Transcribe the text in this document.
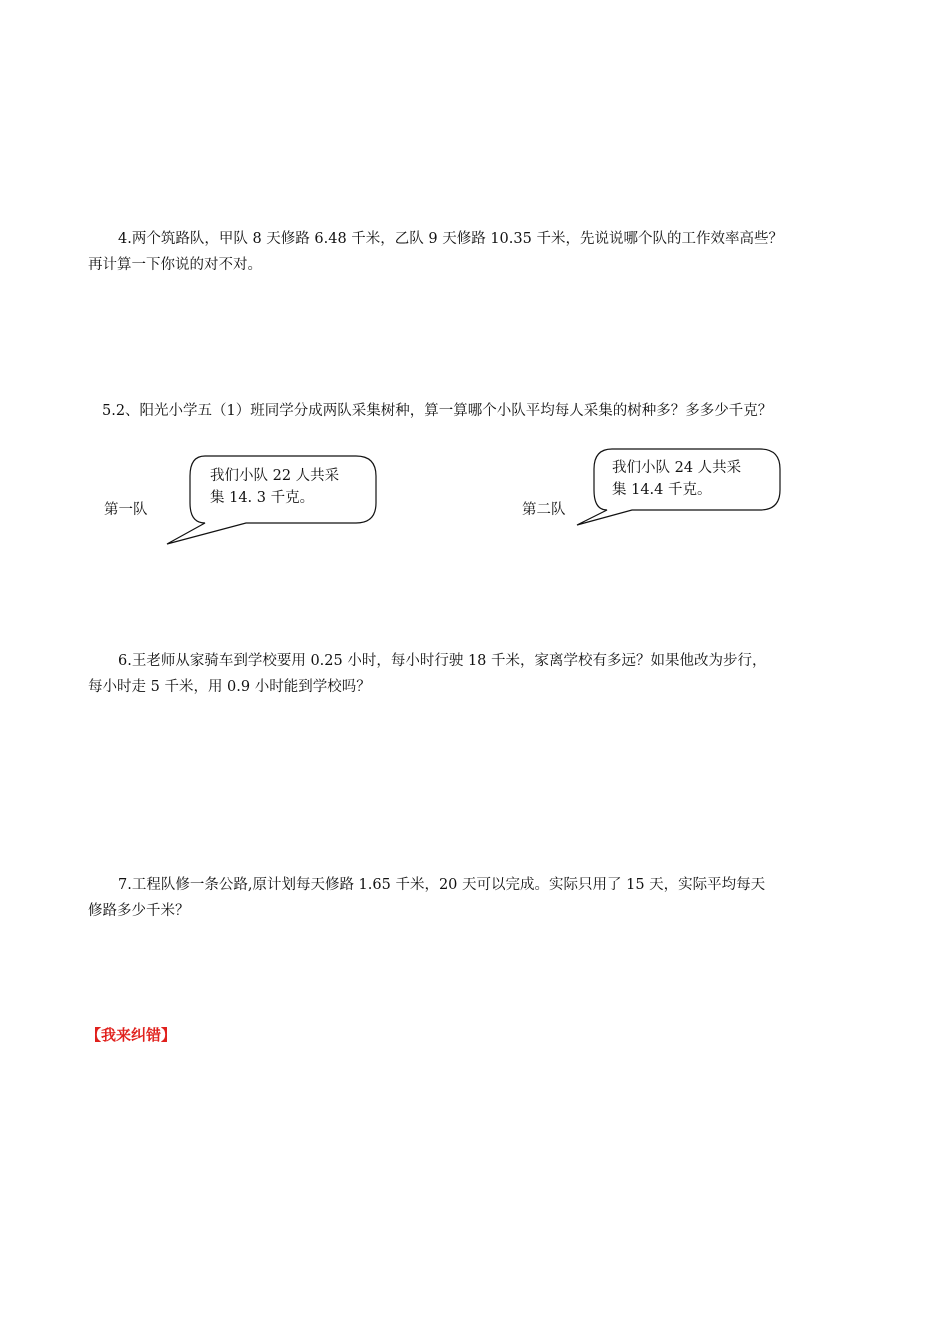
4.两个筑路队，甲队 8 天修路 6.48 千米，乙队 9 天修路 10.35 千米，先说说哪个队的工作效率高些？
再计算一下你说的对不对。
5.2、阳光小学五（1）班同学分成两队采集树种，算一算哪个小队平均每人采集的树种多？多多少千克？
第一队
我们小队 22 人共采
集 14. 3 千克。
第二队
我们小队 24 人共采
集 14.4 千克。
6.王老师从家骑车到学校要用 0.25 小时，每小时行驶 18 千米，家离学校有多远？如果他改为步行，
每小时走 5 千米，用 0.9 小时能到学校吗？
7.工程队修一条公路,原计划每天修路 1.65 千米，20 天可以完成。实际只用了 15 天，实际平均每天
修路多少千米？
【我来纠错】
